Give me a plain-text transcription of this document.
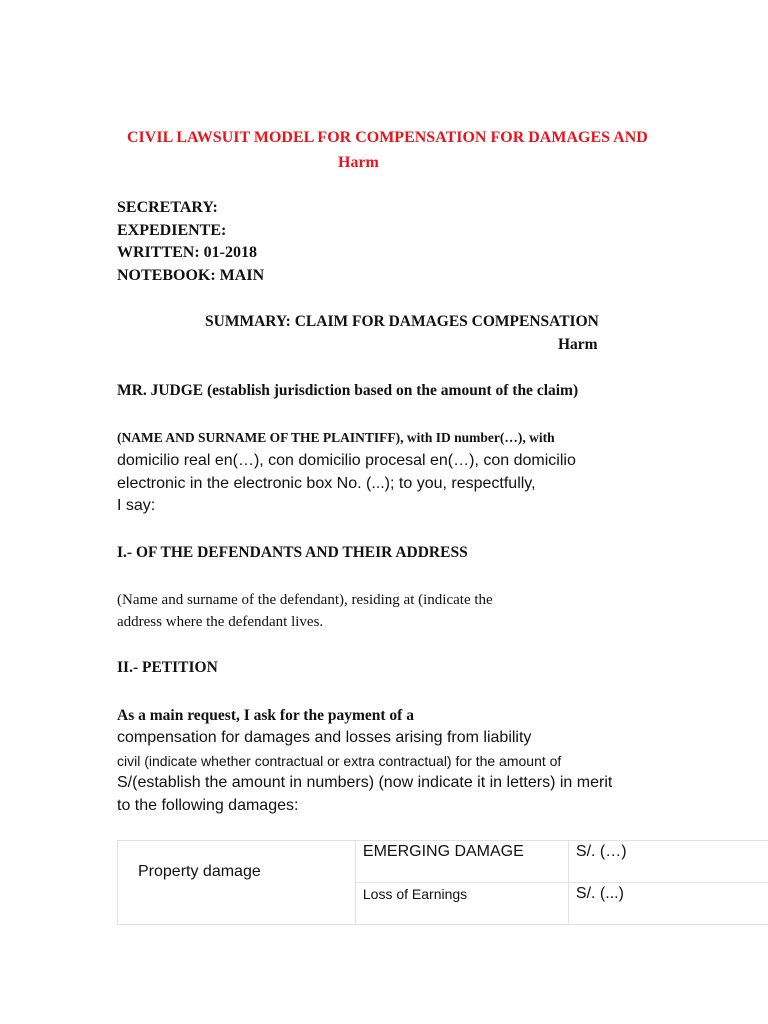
CIVIL LAWSUIT MODEL FOR COMPENSATION FOR DAMAGES AND
Harm
SECRETARY:
EXPEDIENTE:
WRITTEN: 01-2018
NOTEBOOK: MAIN
SUMMARY: CLAIM FOR DAMAGES COMPENSATION
Harm
MR. JUDGE (establish jurisdiction based on the amount of the claim)
(NAME AND SURNAME OF THE PLAINTIFF), with ID number(…), with
domicilio real en(…), con domicilio procesal en(…), con domicilio
electronic in the electronic box No. (...); to you, respectfully,
I say:
I.- OF THE DEFENDANTS AND THEIR ADDRESS
(Name and surname of the defendant), residing at (indicate the
address where the defendant lives.
II.- PETITION
As a main request, I ask for the payment of a
compensation for damages and losses arising from liability
civil (indicate whether contractual or extra contractual) for the amount of
S/(establish the amount in numbers) (now indicate it in letters) in merit
to the following damages:
Property damage	EMERGING DAMAGE	S/. (…)

	Loss of Earnings	S/. (...)
